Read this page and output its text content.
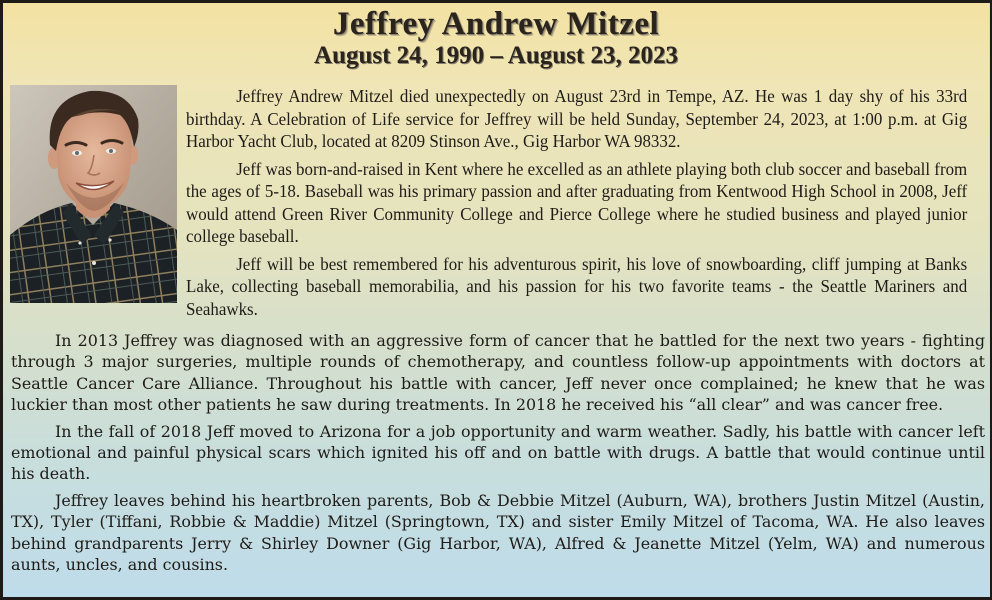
Jeffrey Andrew Mitzel
August 24, 1990 – August 23, 2023

Jeffrey Andrew Mitzel died unexpectedly on August 23rd in Tempe, AZ. He was 1 day shy of his 33rd birthday. A Celebration of Life service for Jeffrey will be held Sunday, September 24, 2023, at 1:00 p.m. at Gig Harbor Yacht Club, located at 8209 Stinson Ave., Gig Harbor WA 98332.

Jeff was born-and-raised in Kent where he excelled as an athlete playing both club soccer and baseball from the ages of 5-18. Baseball was his primary passion and after graduating from Kentwood High School in 2008, Jeff would attend Green River Community College and Pierce College where he studied business and played junior college baseball.

Jeff will be best remembered for his adventurous spirit, his love of snowboarding, cliff jumping at Banks Lake, collecting baseball memorabilia, and his passion for his two favorite teams - the Seattle Mariners and Seahawks.

In 2013 Jeffrey was diagnosed with an aggressive form of cancer that he battled for the next two years - fighting through 3 major surgeries, multiple rounds of chemotherapy, and countless follow-up appointments with doctors at Seattle Cancer Care Alliance. Throughout his battle with cancer, Jeff never once complained; he knew that he was luckier than most other patients he saw during treatments. In 2018 he received his “all clear” and was cancer free.

In the fall of 2018 Jeff moved to Arizona for a job opportunity and warm weather. Sadly, his battle with cancer left emotional and painful physical scars which ignited his off and on battle with drugs. A battle that would continue until his death.

Jeffrey leaves behind his heartbroken parents, Bob & Debbie Mitzel (Auburn, WA), brothers Justin Mitzel (Austin, TX), Tyler (Tiffani, Robbie & Maddie) Mitzel (Springtown, TX) and sister Emily Mitzel of Tacoma, WA. He also leaves behind grandparents Jerry & Shirley Downer (Gig Harbor, WA), Alfred & Jeanette Mitzel (Yelm, WA) and numerous aunts, uncles, and cousins.
